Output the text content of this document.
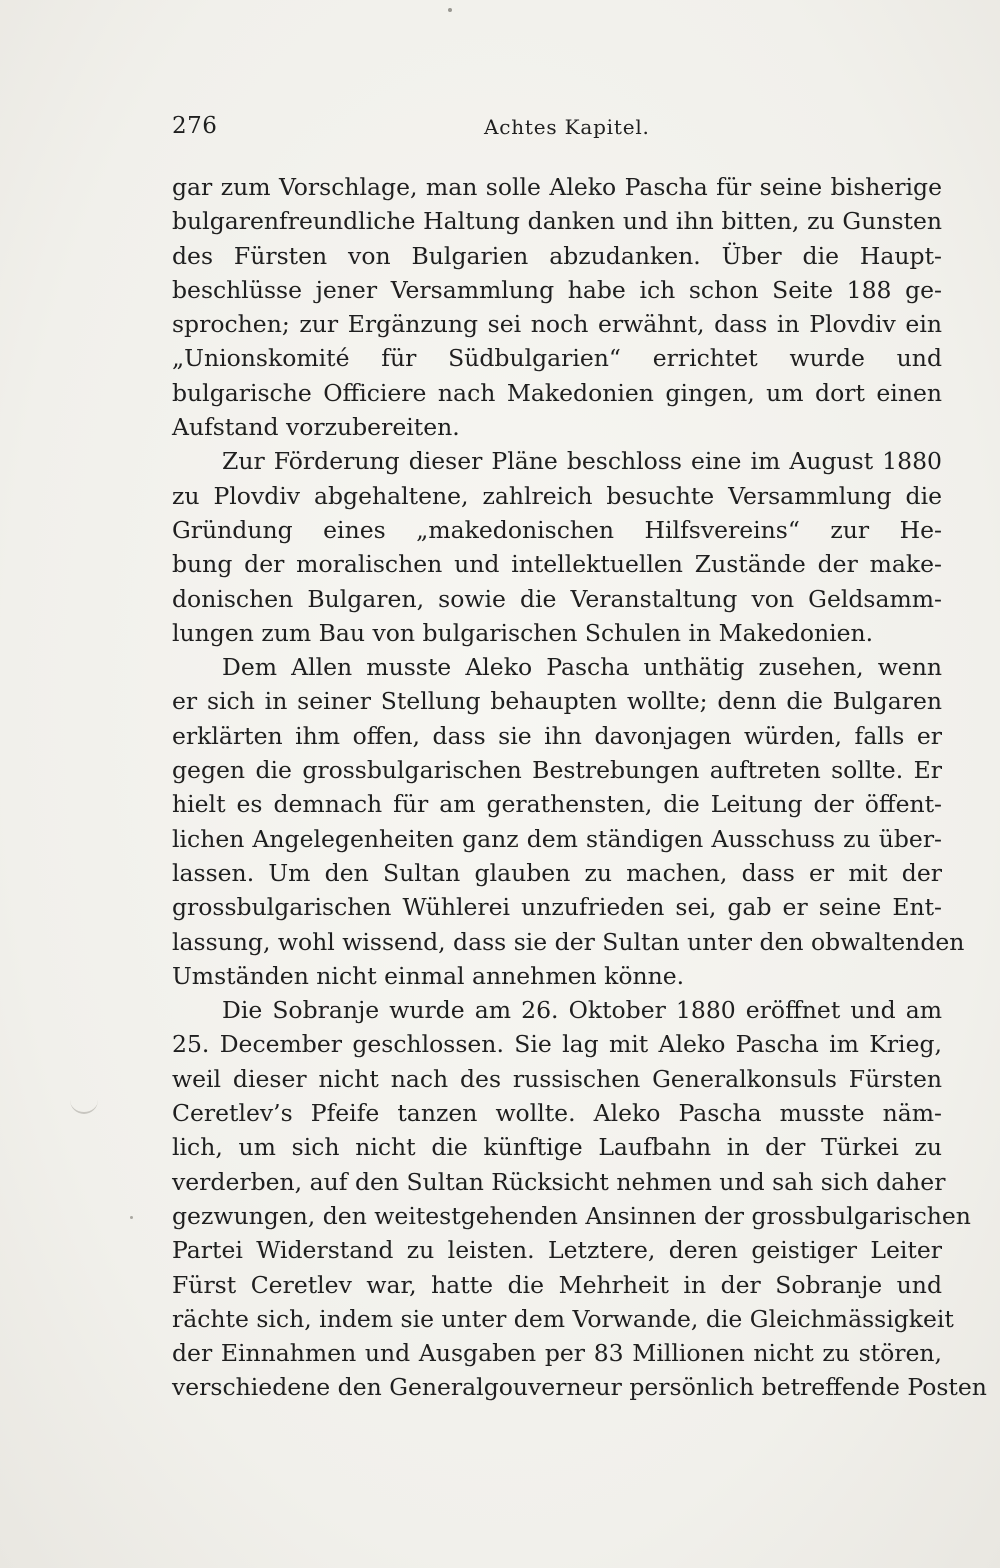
276	Achtes Kapitel.
gar zum Vorschlage, man solle Aleko Pascha für seine bisherige
bulgarenfreundliche Haltung danken und ihn bitten, zu Gunsten
des Fürsten von Bulgarien abzudanken. Über die Haupt-
beschlüsse jener Versammlung habe ich schon Seite 188 ge-
sprochen; zur Ergänzung sei noch erwähnt, dass in Plovdiv ein
„Unionskomité für Südbulgarien“ errichtet wurde und
bulgarische Officiere nach Makedonien gingen, um dort einen
Aufstand vorzubereiten.
Zur Förderung dieser Pläne beschloss eine im August 1880
zu Plovdiv abgehaltene, zahlreich besuchte Versammlung die
Gründung eines „makedonischen Hilfsvereins“ zur He-
bung der moralischen und intellektuellen Zustände der make-
donischen Bulgaren, sowie die Veranstaltung von Geldsamm-
lungen zum Bau von bulgarischen Schulen in Makedonien.
Dem Allen musste Aleko Pascha unthätig zusehen, wenn
er sich in seiner Stellung behaupten wollte; denn die Bulgaren
erklärten ihm offen, dass sie ihn davonjagen würden, falls er
gegen die grossbulgarischen Bestrebungen auftreten sollte. Er
hielt es demnach für am gerathensten, die Leitung der öffent-
lichen Angelegenheiten ganz dem ständigen Ausschuss zu über-
lassen. Um den Sultan glauben zu machen, dass er mit der
grossbulgarischen Wühlerei unzufrieden sei, gab er seine Ent-
lassung, wohl wissend, dass sie der Sultan unter den obwaltenden
Umständen nicht einmal annehmen könne.
Die Sobranje wurde am 26. Oktober 1880 eröffnet und am
25. December geschlossen. Sie lag mit Aleko Pascha im Krieg,
weil dieser nicht nach des russischen Generalkonsuls Fürsten
Ceretlev’s Pfeife tanzen wollte. Aleko Pascha musste näm-
lich, um sich nicht die künftige Laufbahn in der Türkei zu
verderben, auf den Sultan Rücksicht nehmen und sah sich daher
gezwungen, den weitestgehenden Ansinnen der grossbulgarischen
Partei Widerstand zu leisten. Letztere, deren geistiger Leiter
Fürst Ceretlev war, hatte die Mehrheit in der Sobranje und
rächte sich, indem sie unter dem Vorwande, die Gleichmässigkeit
der Einnahmen und Ausgaben per 83 Millionen nicht zu stören,
verschiedene den Generalgouverneur persönlich betreffende Posten
